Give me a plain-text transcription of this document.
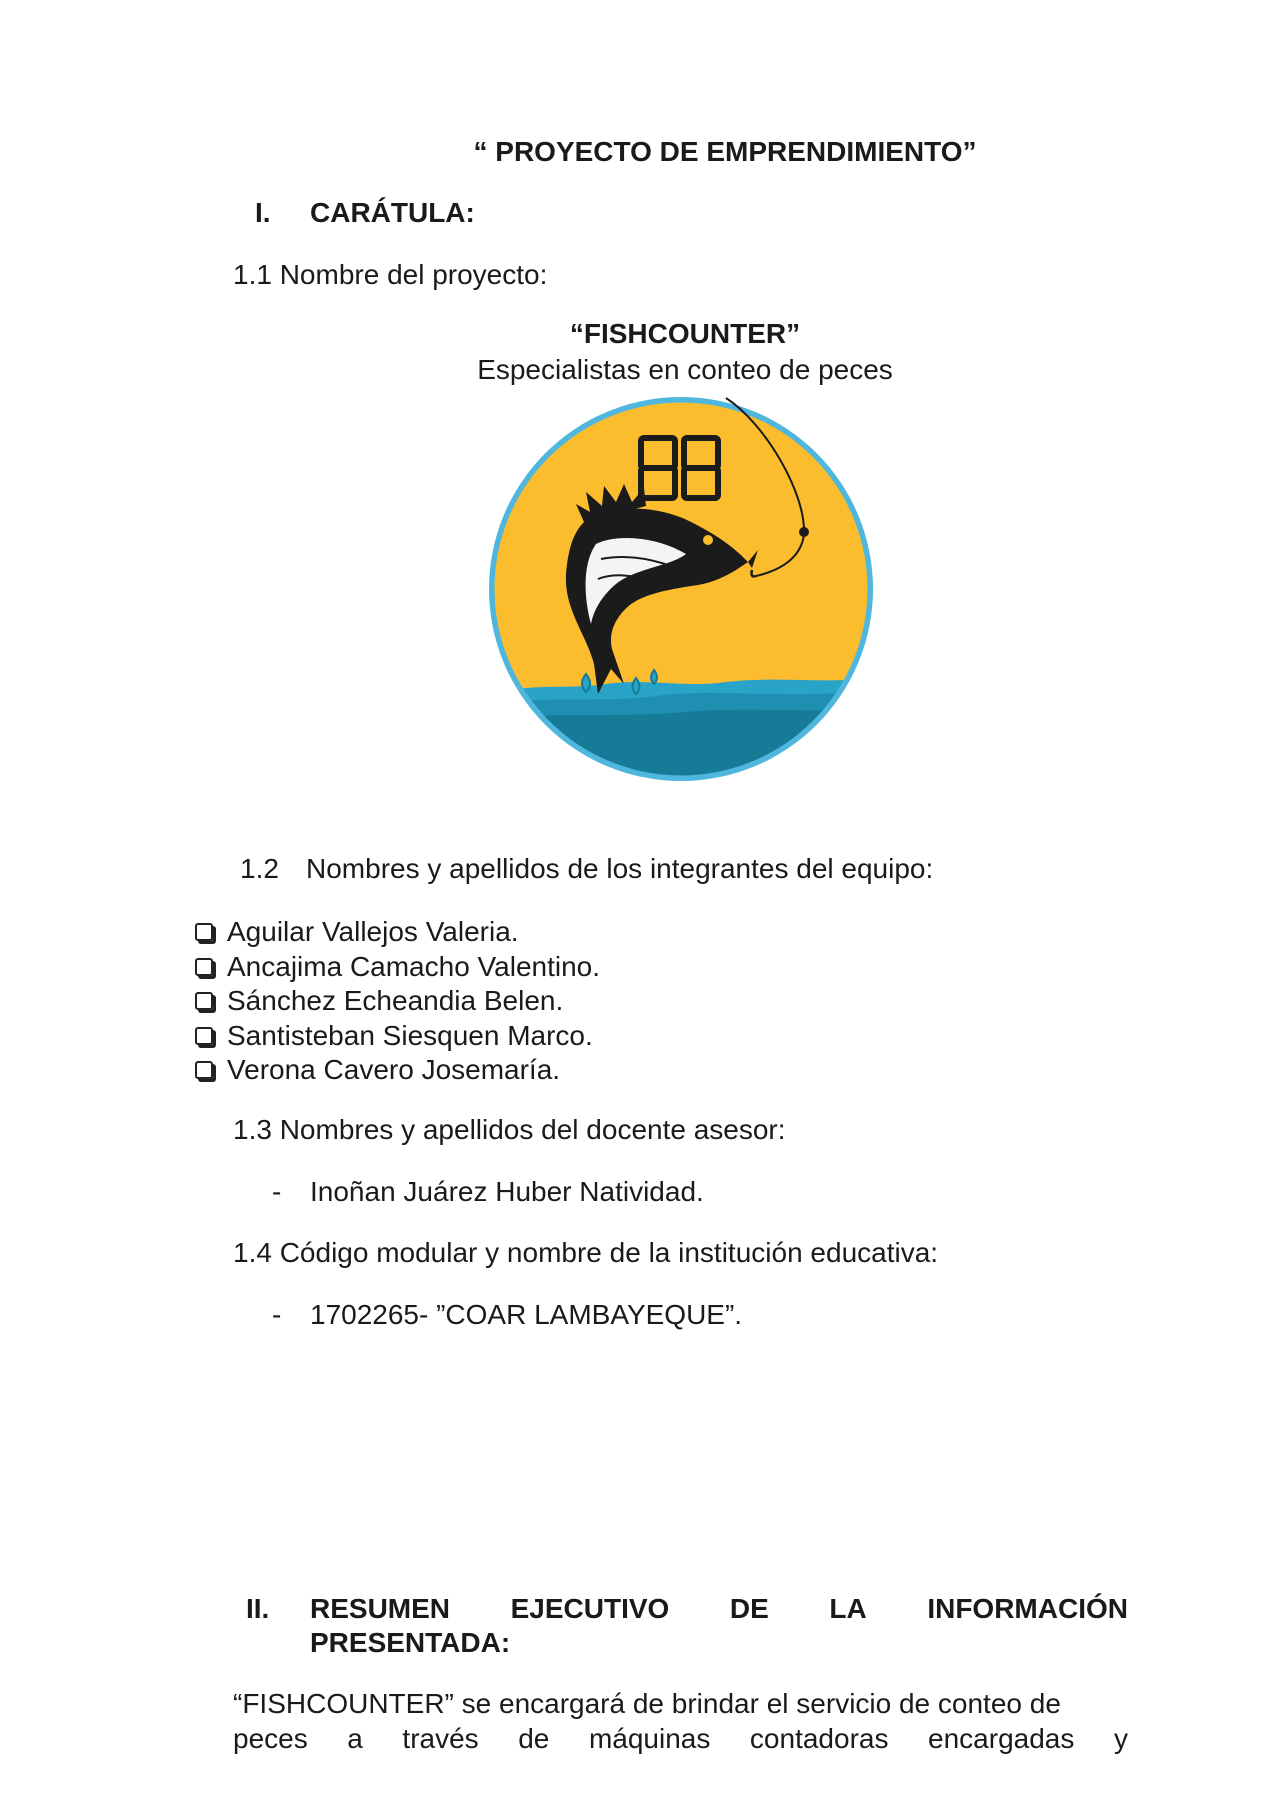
“ PROYECTO DE EMPRENDIMIENTO”
I. CARÁTULA:
1.1 Nombre del proyecto:
“FISHCOUNTER”
Especialistas en conteo de peces
1.2 Nombres y apellidos de los integrantes del equipo:
Aguilar Vallejos Valeria.
Ancajima Camacho Valentino.
Sánchez Echeandia Belen.
Santisteban Siesquen Marco.
Verona Cavero Josemaría.
1.3 Nombres y apellidos del docente asesor:
- Inoñan Juárez Huber Natividad.
1.4 Código modular y nombre de la institución educativa:
- 1702265- ”COAR LAMBAYEQUE”.
II. RESUMEN EJECUTIVO DE LA INFORMACIÓN
PRESENTADA:
“FISHCOUNTER” se encargará de brindar el servicio de conteo de
peces a través de máquinas contadoras encargadas y
